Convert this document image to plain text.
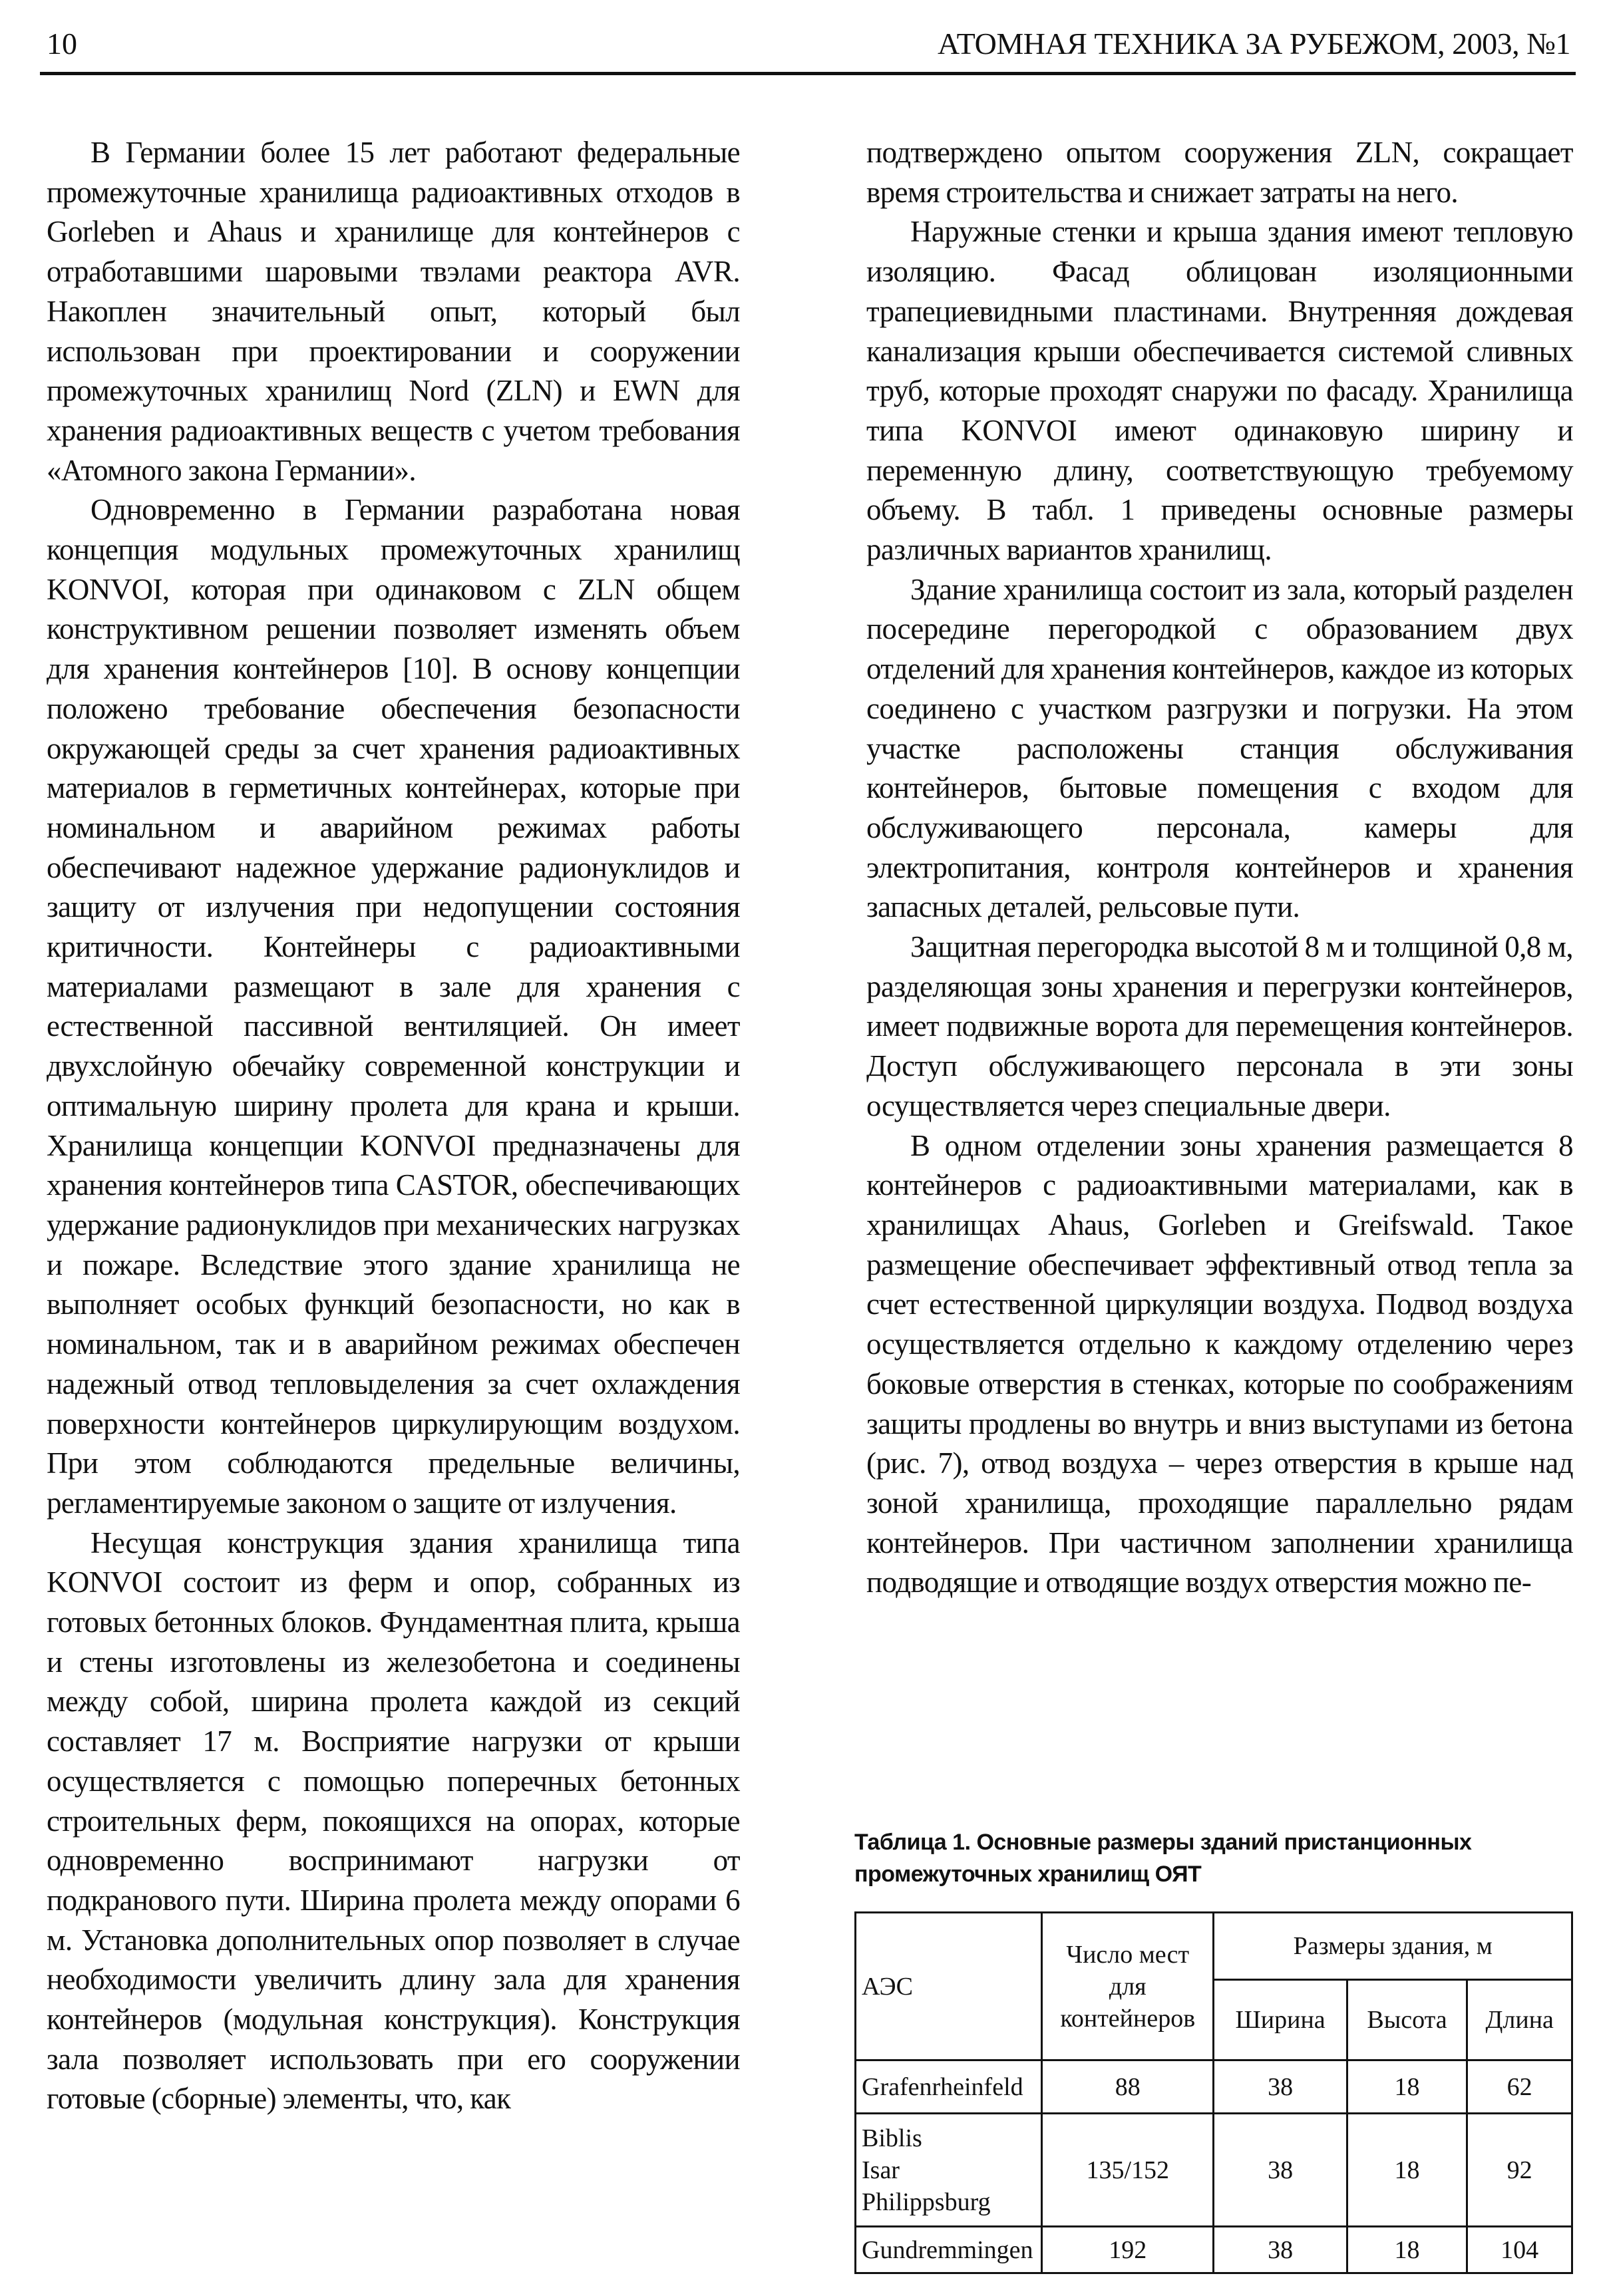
10	АТОМНАЯ ТЕХНИКА ЗА РУБЕЖОМ, 2003, №1

В Германии более 15 лет работают федеральные промежуточные хранилища радиоактивных отходов в Gorleben и Ahaus и хранилище для контейнеров с отработавшими шаровыми твэлами реактора AVR. Накоплен значительный опыт, который был использован при проектировании и сооружении промежуточных хранилищ Nord (ZLN) и EWN для хранения радиоактивных веществ с учетом требования «Атомного закона Германии».

Одновременно в Германии разработана новая концепция модульных промежуточных хранилищ KONVOI, которая при одинаковом с ZLN общем конструктивном решении позволяет изменять объем для хранения контейнеров [10]. В основу концепции положено требование обеспечения безопасности окружающей среды за счет хранения радиоактивных материалов в герметичных контейнерах, которые при номинальном и аварийном режимах работы обеспечивают надежное удержание радионуклидов и защиту от излучения при недопущении состояния критичности. Контейнеры с радиоактивными материалами размещают в зале для хранения с естественной пассивной вентиляцией. Он имеет двухслойную обечайку современной конструкции и оптимальную ширину пролета для крана и крыши. Хранилища концепции KONVOI предназначены для хранения контейнеров типа CASTOR, обеспечивающих удержание радионуклидов при механических нагрузках и пожаре. Вследствие этого здание хранилища не выполняет особых функций безопасности, но как в номинальном, так и в аварийном режимах обеспечен надежный отвод тепловыделения за счет охлаждения поверхности контейнеров циркулирующим воздухом. При этом соблюдаются предельные величины, регламентируемые законом о защите от излучения.

Несущая конструкция здания хранилища типа KONVOI состоит из ферм и опор, собранных из готовых бетонных блоков. Фундаментная плита, крыша и стены изготовлены из железобетона и соединены между собой, ширина пролета каждой из секций составляет 17 м. Восприятие нагрузки от крыши осуществляется с помощью поперечных бетонных строительных ферм, покоящихся на опорах, которые одновременно воспринимают нагрузки от подкранового пути. Ширина пролета между опорами 6 м. Установка дополнительных опор позволяет в случае необходимости увеличить длину зала для хранения контейнеров (модульная конструкция). Конструкция зала позволяет использовать при его сооружении готовые (сборные) элементы, что, как

подтверждено опытом сооружения ZLN, сокращает время строительства и снижает затраты на него.

Наружные стенки и крыша здания имеют тепловую изоляцию. Фасад облицован изоляционными трапециевидными пластинами. Внутренняя дождевая канализация крыши обеспечивается системой сливных труб, которые проходят снаружи по фасаду. Хранилища типа KONVOI имеют одинаковую ширину и переменную длину, соответствующую требуемому объему. В табл. 1 приведены основные размеры различных вариантов хранилищ.

Здание хранилища состоит из зала, который разделен посередине перегородкой с образованием двух отделений для хранения контейнеров, каждое из которых соединено с участком разгрузки и погрузки. На этом участке расположены станция обслуживания контейнеров, бытовые помещения с входом для обслуживающего персонала, камеры для электропитания, контроля контейнеров и хранения запасных деталей, рельсовые пути.

Защитная перегородка высотой 8 м и толщиной 0,8 м, разделяющая зоны хранения и перегрузки контейнеров, имеет подвижные ворота для перемещения контейнеров. Доступ обслуживающего персонала в эти зоны осуществляется через специальные двери.

В одном отделении зоны хранения размещается 8 контейнеров с радиоактивными материалами, как в хранилищах Ahaus, Gorleben и Greifswald. Такое размещение обеспечивает эффективный отвод тепла за счет естественной циркуляции воздуха. Подвод воздуха осуществляется отдельно к каждому отделению через боковые отверстия в стенках, которые по соображениям защиты продлены во внутрь и вниз выступами из бетона (рис. 7), отвод воздуха – через отверстия в крыше над зоной хранилища, проходящие параллельно рядам контейнеров. При частичном заполнении хранилища подводящие и отводящие воздух отверстия можно пе-

Таблица 1. Основные размеры зданий пристанционных промежуточных хранилищ ОЯТ
АЭС	Число мест для контейнеров	Размеры здания, м		
		Ширина	Высота	Длина
Grafenrheinfeld	88	38	18	62

Biblis
Isar
Philippsburg	135/152	38	18	92
Gundremmingen	192	38	18	104
